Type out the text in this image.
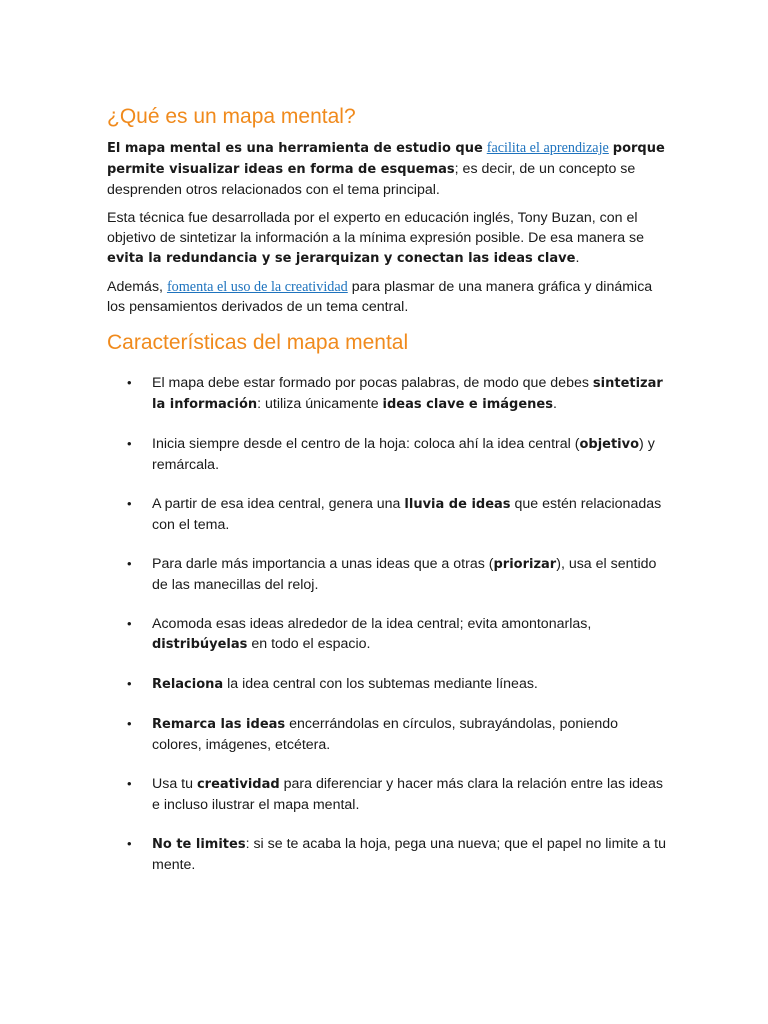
¿Qué es un mapa mental?

El mapa mental es una herramienta de estudio que facilita el aprendizaje porque permite visualizar ideas en forma de esquemas; es decir, de un concepto se desprenden otros relacionados con el tema principal.

Esta técnica fue desarrollada por el experto en educación inglés, Tony Buzan, con el objetivo de sintetizar la información a la mínima expresión posible. De esa manera se evita la redundancia y se jerarquizan y conectan las ideas clave.

Además, fomenta el uso de la creatividad para plasmar de una manera gráfica y dinámica los pensamientos derivados de un tema central.

Características del mapa mental
• El mapa debe estar formado por pocas palabras, de modo que debes sintetizar la información: utiliza únicamente ideas clave e imágenes.
• Inicia siempre desde el centro de la hoja: coloca ahí la idea central (objetivo) y remárcala.
• A partir de esa idea central, genera una lluvia de ideas que estén relacionadas con el tema.
• Para darle más importancia a unas ideas que a otras (priorizar), usa el sentido de las manecillas del reloj.
• Acomoda esas ideas alrededor de la idea central; evita amontonarlas, distribúyelas en todo el espacio.
• Relaciona la idea central con los subtemas mediante líneas.
• Remarca las ideas encerrándolas en círculos, subrayándolas, poniendo colores, imágenes, etcétera.
• Usa tu creatividad para diferenciar y hacer más clara la relación entre las ideas e incluso ilustrar el mapa mental.
• No te limites: si se te acaba la hoja, pega una nueva; que el papel no limite a tu mente.
